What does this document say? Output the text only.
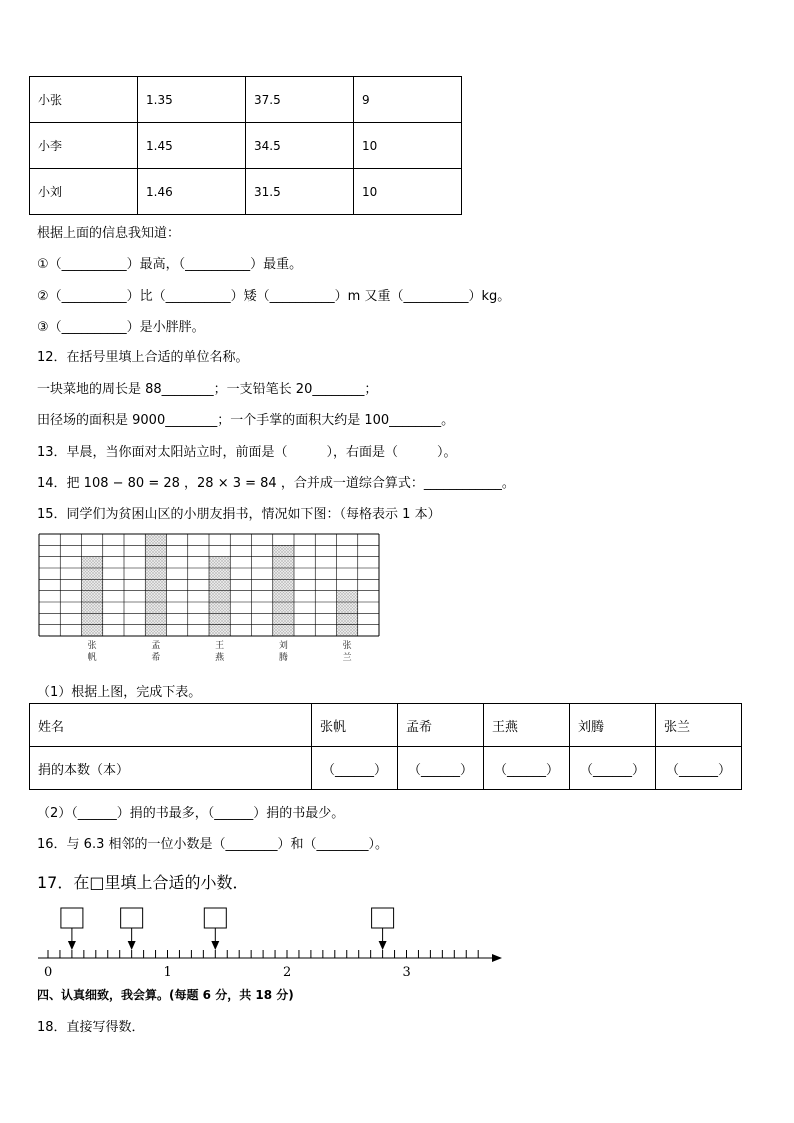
小张	1.35	37.5	9
小李	1.45	34.5	10
小刘	1.46	31.5	10
根据上面的信息我知道：
①（__________）最高，（__________）最重。
②（__________）比（__________）矮（__________）m 又重（__________）kg。
③（__________）是小胖胖。
12．在括号里填上合适的单位名称。
一块菜地的周长是 88________；一支铅笔长 20________；
田径场的面积是 9000________；一个手掌的面积大约是 100________。
13．早晨，当你面对太阳站立时，前面是（　　　），右面是（　　　）。
14．把 108 − 80 = 28 ，28 × 3 = 84 ，合并成一道综合算式：____________。
15．同学们为贫困山区的小朋友捐书，情况如下图：（每格表示 1 本）
张
帆
孟
希
王
燕
刘
腾
张
兰
（1）根据上图，完成下表。
姓名	张帆	孟希	王燕	刘腾	张兰
捐的本数（本）	（______）	（______）	（______）	（______）	（______）
（2）（______）捐的书最多，（______）捐的书最少。
16．与 6.3 相邻的一位小数是（________）和（________）。
17．在□里填上合适的小数．
0	1	2	3
四、认真细致，我会算。(每题 6 分，共 18 分)
18．直接写得数．
